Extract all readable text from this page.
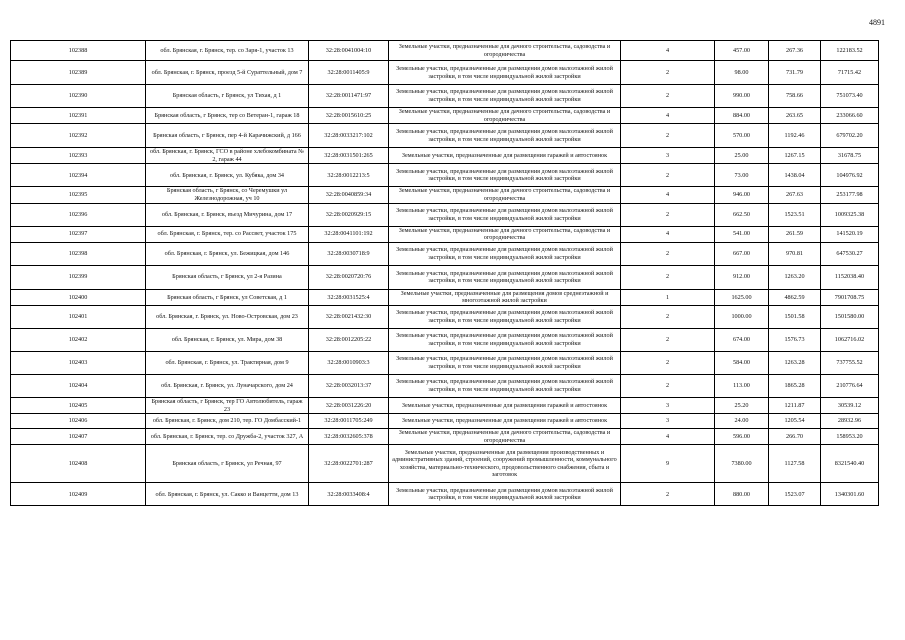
4891
102388	обл. Брянская, г. Брянск, тер. со Заря-1, участок 13	32:28:0041004:10	Земельные участки, предназначенные для дачного строительства, садоводства и огородничества	4	457.00	267.36	122183.52
102389	обл. Брянская, г. Брянск, проезд 5-й Сураттельный, дом 7	32:28:0011405:9	Земельные участки, предназначенные для размещения домов малоэтажной жилой застройки, в том числе индивидуальной жилой застройки	2	98.00	731.79	71715.42
102390	Брянская область, г Брянск, ул Тихая, д 1	32:28:0011471:97	Земельные участки, предназначенные для размещения домов малоэтажной жилой застройки, в том числе индивидуальной жилой застройки	2	990.00	758.66	751073.40
102391	Брянская область, г Брянск, тер со Ветеран-1, гараж 18	32:28:0015610:25	Земельные участки, предназначенные для дачного строительства, садоводства и огородничества	4	884.00	263.65	233066.60
102392	Брянская область, г Брянск, пер 4-й Карачижский, д 166	32:28:0033217:102	Земельные участки, предназначенные для размещения домов малоэтажной жилой застройки, в том числе индивидуальной жилой застройки	2	570.00	1192.46	679702.20
102393	обл. Брянская, г. Брянск, ГСО в районе хлебокомбината № 2, гараж 44	32:28:0031501:265	Земельные участки, предназначенные для размещения гаражей и автостоянок	3	25.00	1267.15	31678.75
102394	обл. Брянская, г. Брянск, ул. Кубяка, дом 34	32:28:0012213:5	Земельные участки, предназначенные для размещения домов малоэтажной жилой застройки, в том числе индивидуальной жилой застройки	2	73.00	1438.04	104976.92
102395	Брянская область, г Брянск, со Черемушки ул Железнодорожная, уч 10	32:28:0040859:34	Земельные участки, предназначенные для дачного строительства, садоводства и огородничества	4	946.00	267.63	253177.98
102396	обл. Брянская, г. Брянск, въезд Мичурина, дом 17	32:28:0020929:15	Земельные участки, предназначенные для размещения домов малоэтажной жилой застройки, в том числе индивидуальной жилой застройки	2	662.50	1523.51	1009325.38
102397	обл. Брянская, г. Брянск, тер. со Рассвет, участок 175	32:28:0041101:192	Земельные участки, предназначенные для дачного строительства, садоводства и огородничества	4	541.00	261.59	141520.19
102398	обл. Брянская, г. Брянск, ул. Бежицкая, дом 146	32:28:0030718:9	Земельные участки, предназначенные для размещения домов малоэтажной жилой застройки, в том числе индивидуальной жилой застройки	2	667.00	970.81	647530.27
102399	Брянская область, г Брянск, ул 2-я Разина	32:28:0020720:76	Земельные участки, предназначенные для размещения домов малоэтажной жилой застройки, в том числе индивидуальной жилой застройки	2	912.00	1263.20	1152038.40
102400	Брянская область, г Брянск, ул Советская, д 1	32:28:0031525:4	Земельные участки, предназначенные для размещения домов среднеэтажной и многоэтажной жилой застройки	1	1625.00	4862.59	7901708.75
102401	обл. Брянская, г. Брянск, ул. Ново-Островская, дом 23	32:28:0021432:30	Земельные участки, предназначенные для размещения домов малоэтажной жилой застройки, в том числе индивидуальной жилой застройки	2	1000.00	1501.58	1501580.00
102402	обл. Брянская, г. Брянск, ул. Мира, дом 38	32:28:0012205:22	Земельные участки, предназначенные для размещения домов малоэтажной жилой застройки, в том числе индивидуальной жилой застройки	2	674.00	1576.73	1062716.02
102403	обл. Брянская, г. Брянск, ул. Трактирная, дом 9	32:28:0010903:3	Земельные участки, предназначенные для размещения домов малоэтажной жилой застройки, в том числе индивидуальной жилой застройки	2	584.00	1263.28	737755.52
102404	обл. Брянская, г. Брянск, ул. Луначарского, дом 24	32:28:0032013:37	Земельные участки, предназначенные для размещения домов малоэтажной жилой застройки, в том числе индивидуальной жилой застройки	2	113.00	1865.28	210776.64
102405	Брянская область, г Брянск, тер ГО Автолюбитель, гараж 23	32:28:0031226:20	Земельные участки, предназначенные для размещения гаражей и автостоянок	3	25.20	1211.87	30539.12
102406	обл. Брянская, г. Брянск, дом 210, тер. ГО Домбасский-1	32:28:0011705:249	Земельные участки, предназначенные для размещения гаражей и автостоянок	3	24.00	1205.54	28932.96
102407	обл. Брянская, г. Брянск, тер. со Дружба-2, участок 327, А	32:28:0032605:378	Земельные участки, предназначенные для дачного строительства, садоводства и огородничества	4	596.00	266.70	158953.20
102408	Брянская область, г Брянск, ул Речная, 97	32:28:0022701:287	Земельные участки, предназначенные для размещения производственных и административных зданий, строений, сооружений промышленности, коммунального хозяйства, материально-технического, продовольственного снабжения, сбыта и заготовок	9	7380.00	1127.58	8321540.40
102409	обл. Брянская, г. Брянск, ул. Сакко и Ванцетти, дом 13	32:28:0033408:4	Земельные участки, предназначенные для размещения домов малоэтажной жилой застройки, в том числе индивидуальной жилой застройки	2	880.00	1523.07	1340301.60
